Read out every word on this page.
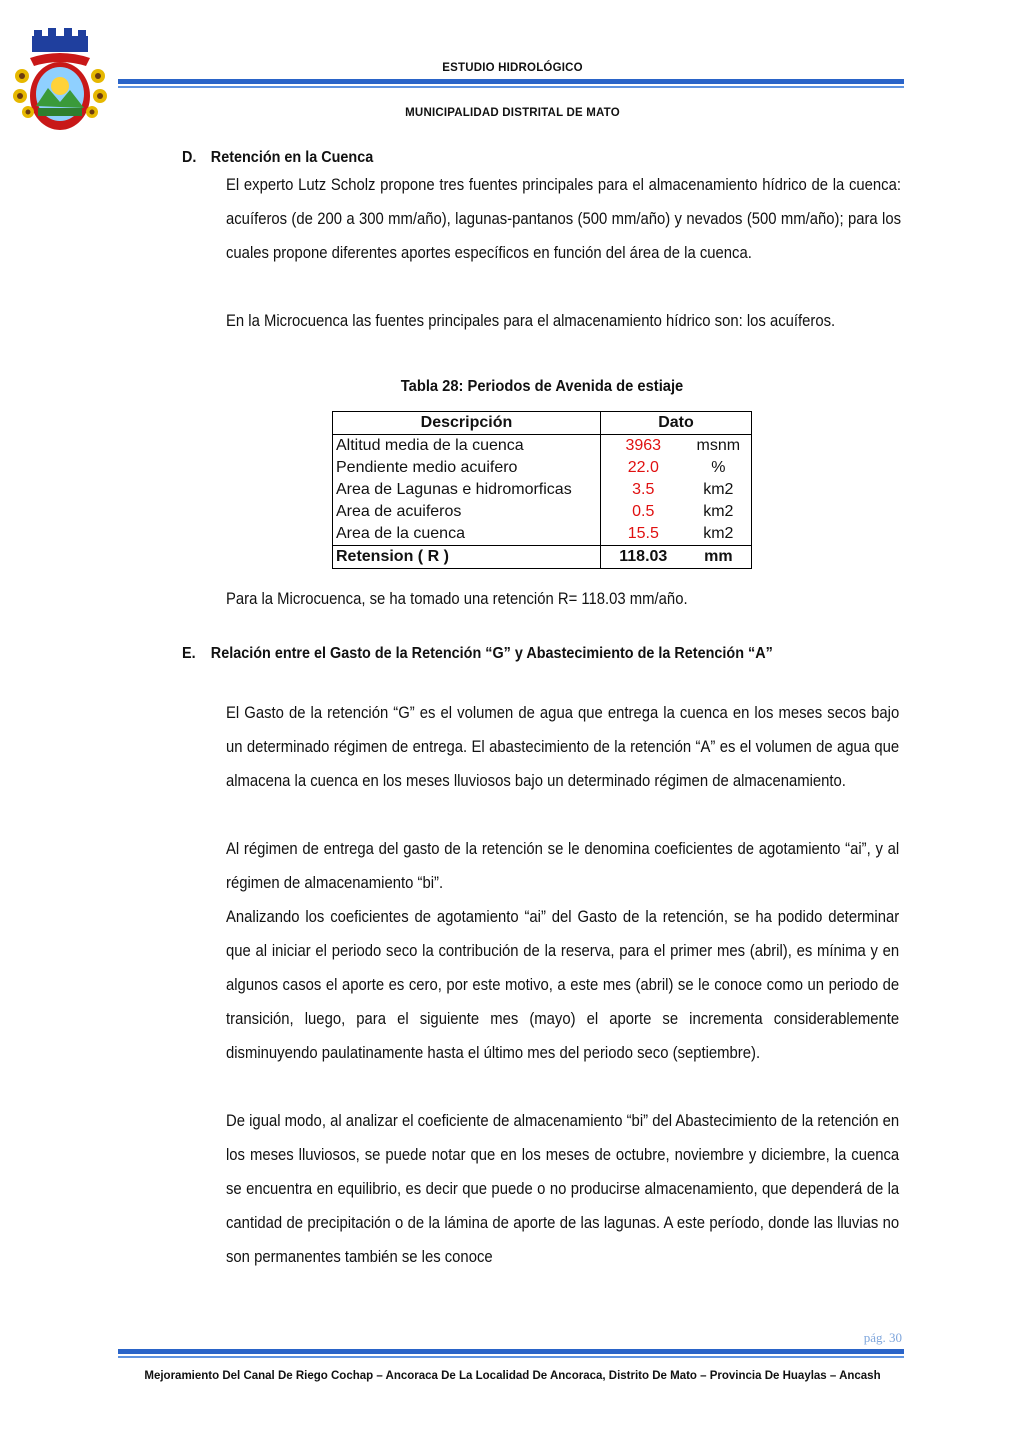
ESTUDIO HIDROLÓGICO
MUNICIPALIDAD DISTRITAL DE MATO
D. Retención en la Cuenca

El experto Lutz Scholz propone tres fuentes principales para el almacenamiento hídrico de la cuenca: acuíferos (de 200 a 300 mm/año), lagunas-pantanos (500 mm/año) y nevados (500 mm/año); para los cuales propone diferentes aportes específicos en función del área de la cuenca.

En la Microcuenca las fuentes principales para el almacenamiento hídrico son: los acuíferos.

Tabla 28: Periodos de Avenida de estiaje
Descripción	Dato	
Altitud media de la cuenca	3963	msnm
Pendiente medio acuifero	22.0	%
Area de Lagunas e hidromorficas	3.5	km2
Area de acuiferos	0.5	km2
Area de la cuenca	15.5	km2
Retension ( R )	118.03	mm

Para la Microcuenca, se ha tomado una retención R= 118.03 mm/año.

E. Relación entre el Gasto de la Retención “G” y Abastecimiento de la Retención “A”

El Gasto de la retención “G” es el volumen de agua que entrega la cuenca en los meses secos bajo un determinado régimen de entrega. El abastecimiento de la retención “A” es el volumen de agua que almacena la cuenca en los meses lluviosos bajo un determinado régimen de almacenamiento.

Al régimen de entrega del gasto de la retención se le denomina coeficientes de agotamiento “ai”, y al régimen de almacenamiento “bi”.

Analizando los coeficientes de agotamiento “ai” del Gasto de la retención, se ha podido determinar que al iniciar el periodo seco la contribución de la reserva, para el primer mes (abril), es mínima y en algunos casos el aporte es cero, por este motivo, a este mes (abril) se le conoce como un periodo de transición, luego, para el siguiente mes (mayo) el aporte se incrementa considerablemente disminuyendo paulatinamente hasta el último mes del periodo seco (septiembre).

De igual modo, al analizar el coeficiente de almacenamiento “bi” del Abastecimiento de la retención en los meses lluviosos, se puede notar que en los meses de octubre, noviembre y diciembre, la cuenca se encuentra en equilibrio, es decir que puede o no producirse almacenamiento, que dependerá de la cantidad de precipitación o de la lámina de aporte de las lagunas. A este período, donde las lluvias no son permanentes también se les conoce

pág. 30
Mejoramiento Del Canal De Riego Cochap – Ancoraca De La Localidad De Ancoraca, Distrito De Mato – Provincia De Huaylas – Ancash
